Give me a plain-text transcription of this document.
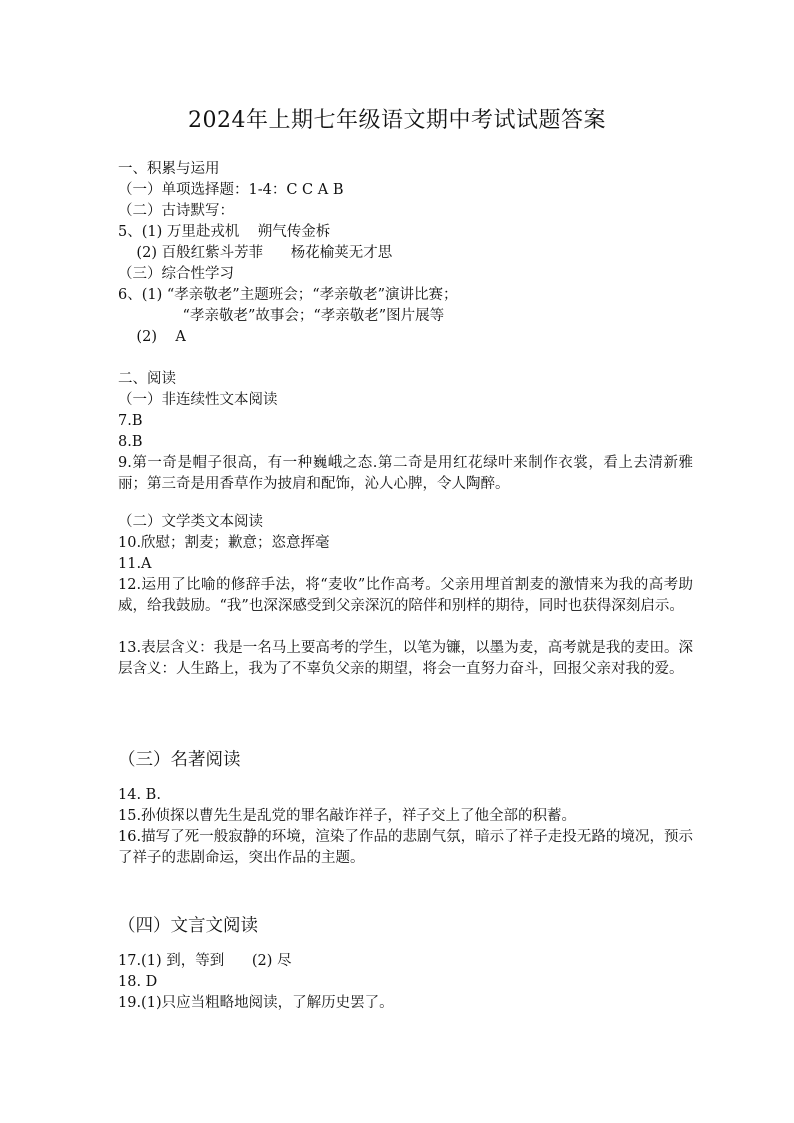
2024年上期七年级语文期中考试试题答案
一、积累与运用
（一）单项选择题：1-4：C C A B
（二）古诗默写：
5、(1) 万里赴戎机    朔气传金柝
(2) 百般红紫斗芳菲      杨花榆荚无才思
（三）综合性学习
6、(1) “孝亲敬老”主题班会；“孝亲敬老”演讲比赛；
“孝亲敬老”故事会；“孝亲敬老”图片展等
(2)    A
二、阅读
（一）非连续性文本阅读
7.B
8.B
9.第一奇是帽子很高，有一种巍峨之态.第二奇是用红花绿叶来制作衣裳，看上去清新雅丽；第三奇是用香草作为披肩和配饰，沁人心脾，令人陶醉。
（二）文学类文本阅读
10.欣慰；割麦；歉意；恣意挥毫
11.A
12.运用了比喻的修辞手法，将“麦收”比作高考。父亲用埋首割麦的激情来为我的高考助威，给我鼓励。“我”也深深感受到父亲深沉的陪伴和别样的期待，同时也获得深刻启示。
13.表层含义：我是一名马上要高考的学生，以笔为镰，以墨为麦，高考就是我的麦田。深层含义：人生路上，我为了不辜负父亲的期望，将会一直努力奋斗，回报父亲对我的爱。
（三）名著阅读
14. B.
15.孙侦探以曹先生是乱党的罪名敲诈祥子，祥子交上了他全部的积蓄。
16.描写了死一般寂静的环境，渲染了作品的悲剧气氛，暗示了祥子走投无路的境况，预示了祥子的悲剧命运，突出作品的主题。
（四）文言文阅读
17.(1) 到，等到      (2) 尽
18. D
19.(1)只应当粗略地阅读，了解历史罢了。
